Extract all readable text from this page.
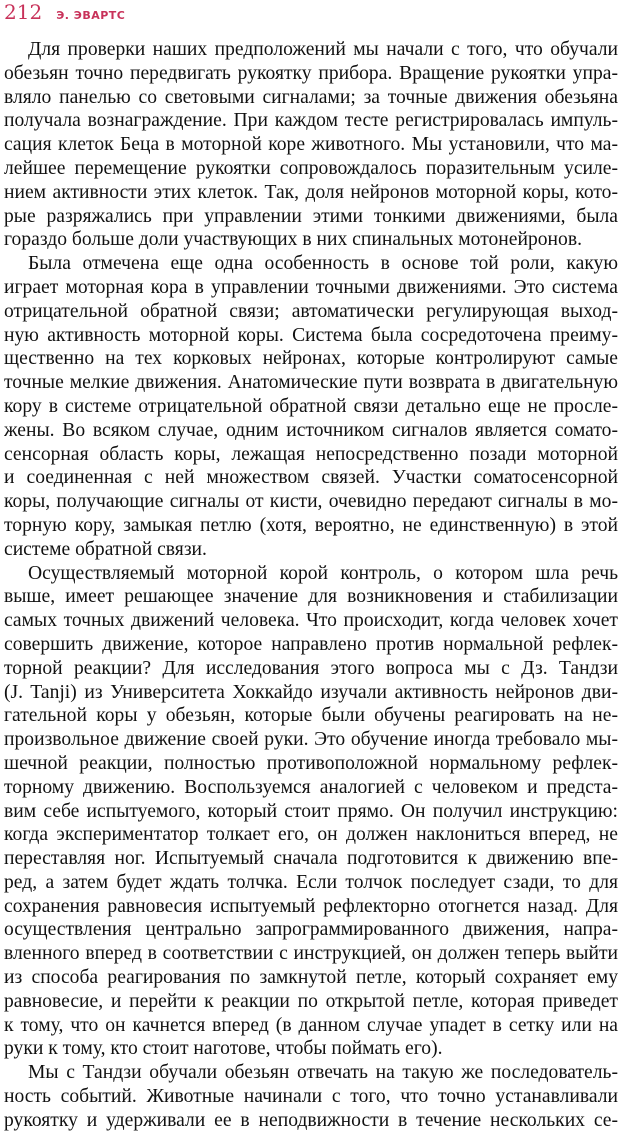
212 Э. ЭВАРТС
Для проверки наших предположений мы начали с того, что обучали
обезьян точно передвигать рукоятку прибора. Вращение рукоятки упра-
вляло панелью со световыми сигналами; за точные движения обезьяна
получала вознаграждение. При каждом тесте регистрировалась импуль-
сация клеток Беца в моторной коре животного. Мы установили, что ма-
лейшее перемещение рукоятки сопровождалось поразительным усиле-
нием активности этих клеток. Так, доля нейронов моторной коры, кото-
рые разряжались при управлении этими тонкими движениями, была
гораздо больше доли участвующих в них спинальных мотонейронов.
Была отмечена еще одна особенность в основе той роли, какую
играет моторная кора в управлении точными движениями. Это система
отрицательной обратной связи; автоматически регулирующая выход-
ную активность моторной коры. Система была сосредоточена преиму-
щественно на тех корковых нейронах, которые контролируют самые
точные мелкие движения. Анатомические пути возврата в двигательную
кору в системе отрицательной обратной связи детально еще не прослe-
жены. Во всяком случае, одним источником сигналов является сомато-
сенсорная область коры, лежащая непосредственно позади моторной
и соединенная с ней множеством связей. Участки соматосенсорной
коры, получающие сигналы от кисти, очевидно передают сигналы в мо-
торную кору, замыкая петлю (хотя, вероятно, не единственную) в этой
системе обратной связи.
Осуществляемый моторной корой контроль, о котором шла речь
выше, имеет решающее значение для возникновения и стабилизации
самых точных движений человека. Что происходит, когда человек хочет
совершить движение, которое направлено против нормальной рефлек-
торной реакции? Для исследования этого вопроса мы с Дз. Тандзи
(J. Tanji) из Университета Хоккайдо изучали активность нейронов дви-
гательной коры у обезьян, которые были обучены реагировать на не-
произвольное движение своей руки. Это обучение иногда требовало мы-
шечной реакции, полностью противоположной нормальному рефлек-
торному движению. Воспользуемся аналогией с человеком и предста-
вим себе испытуемого, который стоит прямо. Он получил инструкцию:
когда экспериментатор толкает его, он должен наклониться вперед, не
переставляя ног. Испытуемый сначала подготовится к движению впе-
ред, а затем будет ждать толчка. Если толчок последует сзади, то для
сохранения равновесия испытуемый рефлекторно отогнется назад. Для
осуществления центрально запрограммированного движения, напра-
вленного вперед в соответствии с инструкцией, он должен теперь выйти
из способа реагирования по замкнутой петле, который сохраняет ему
равновесие, и перейти к реакции по открытой петле, которая приведет
к тому, что он качнется вперед (в данном случае упадет в сетку или на
руки к тому, кто стоит наготове, чтобы поймать его).
Мы с Тандзи обучали обезьян отвечать на такую же последователь-
ность событий. Животные начинали с того, что точно устанавливали
рукоятку и удерживали ее в неподвижности в течение нескольких се-
